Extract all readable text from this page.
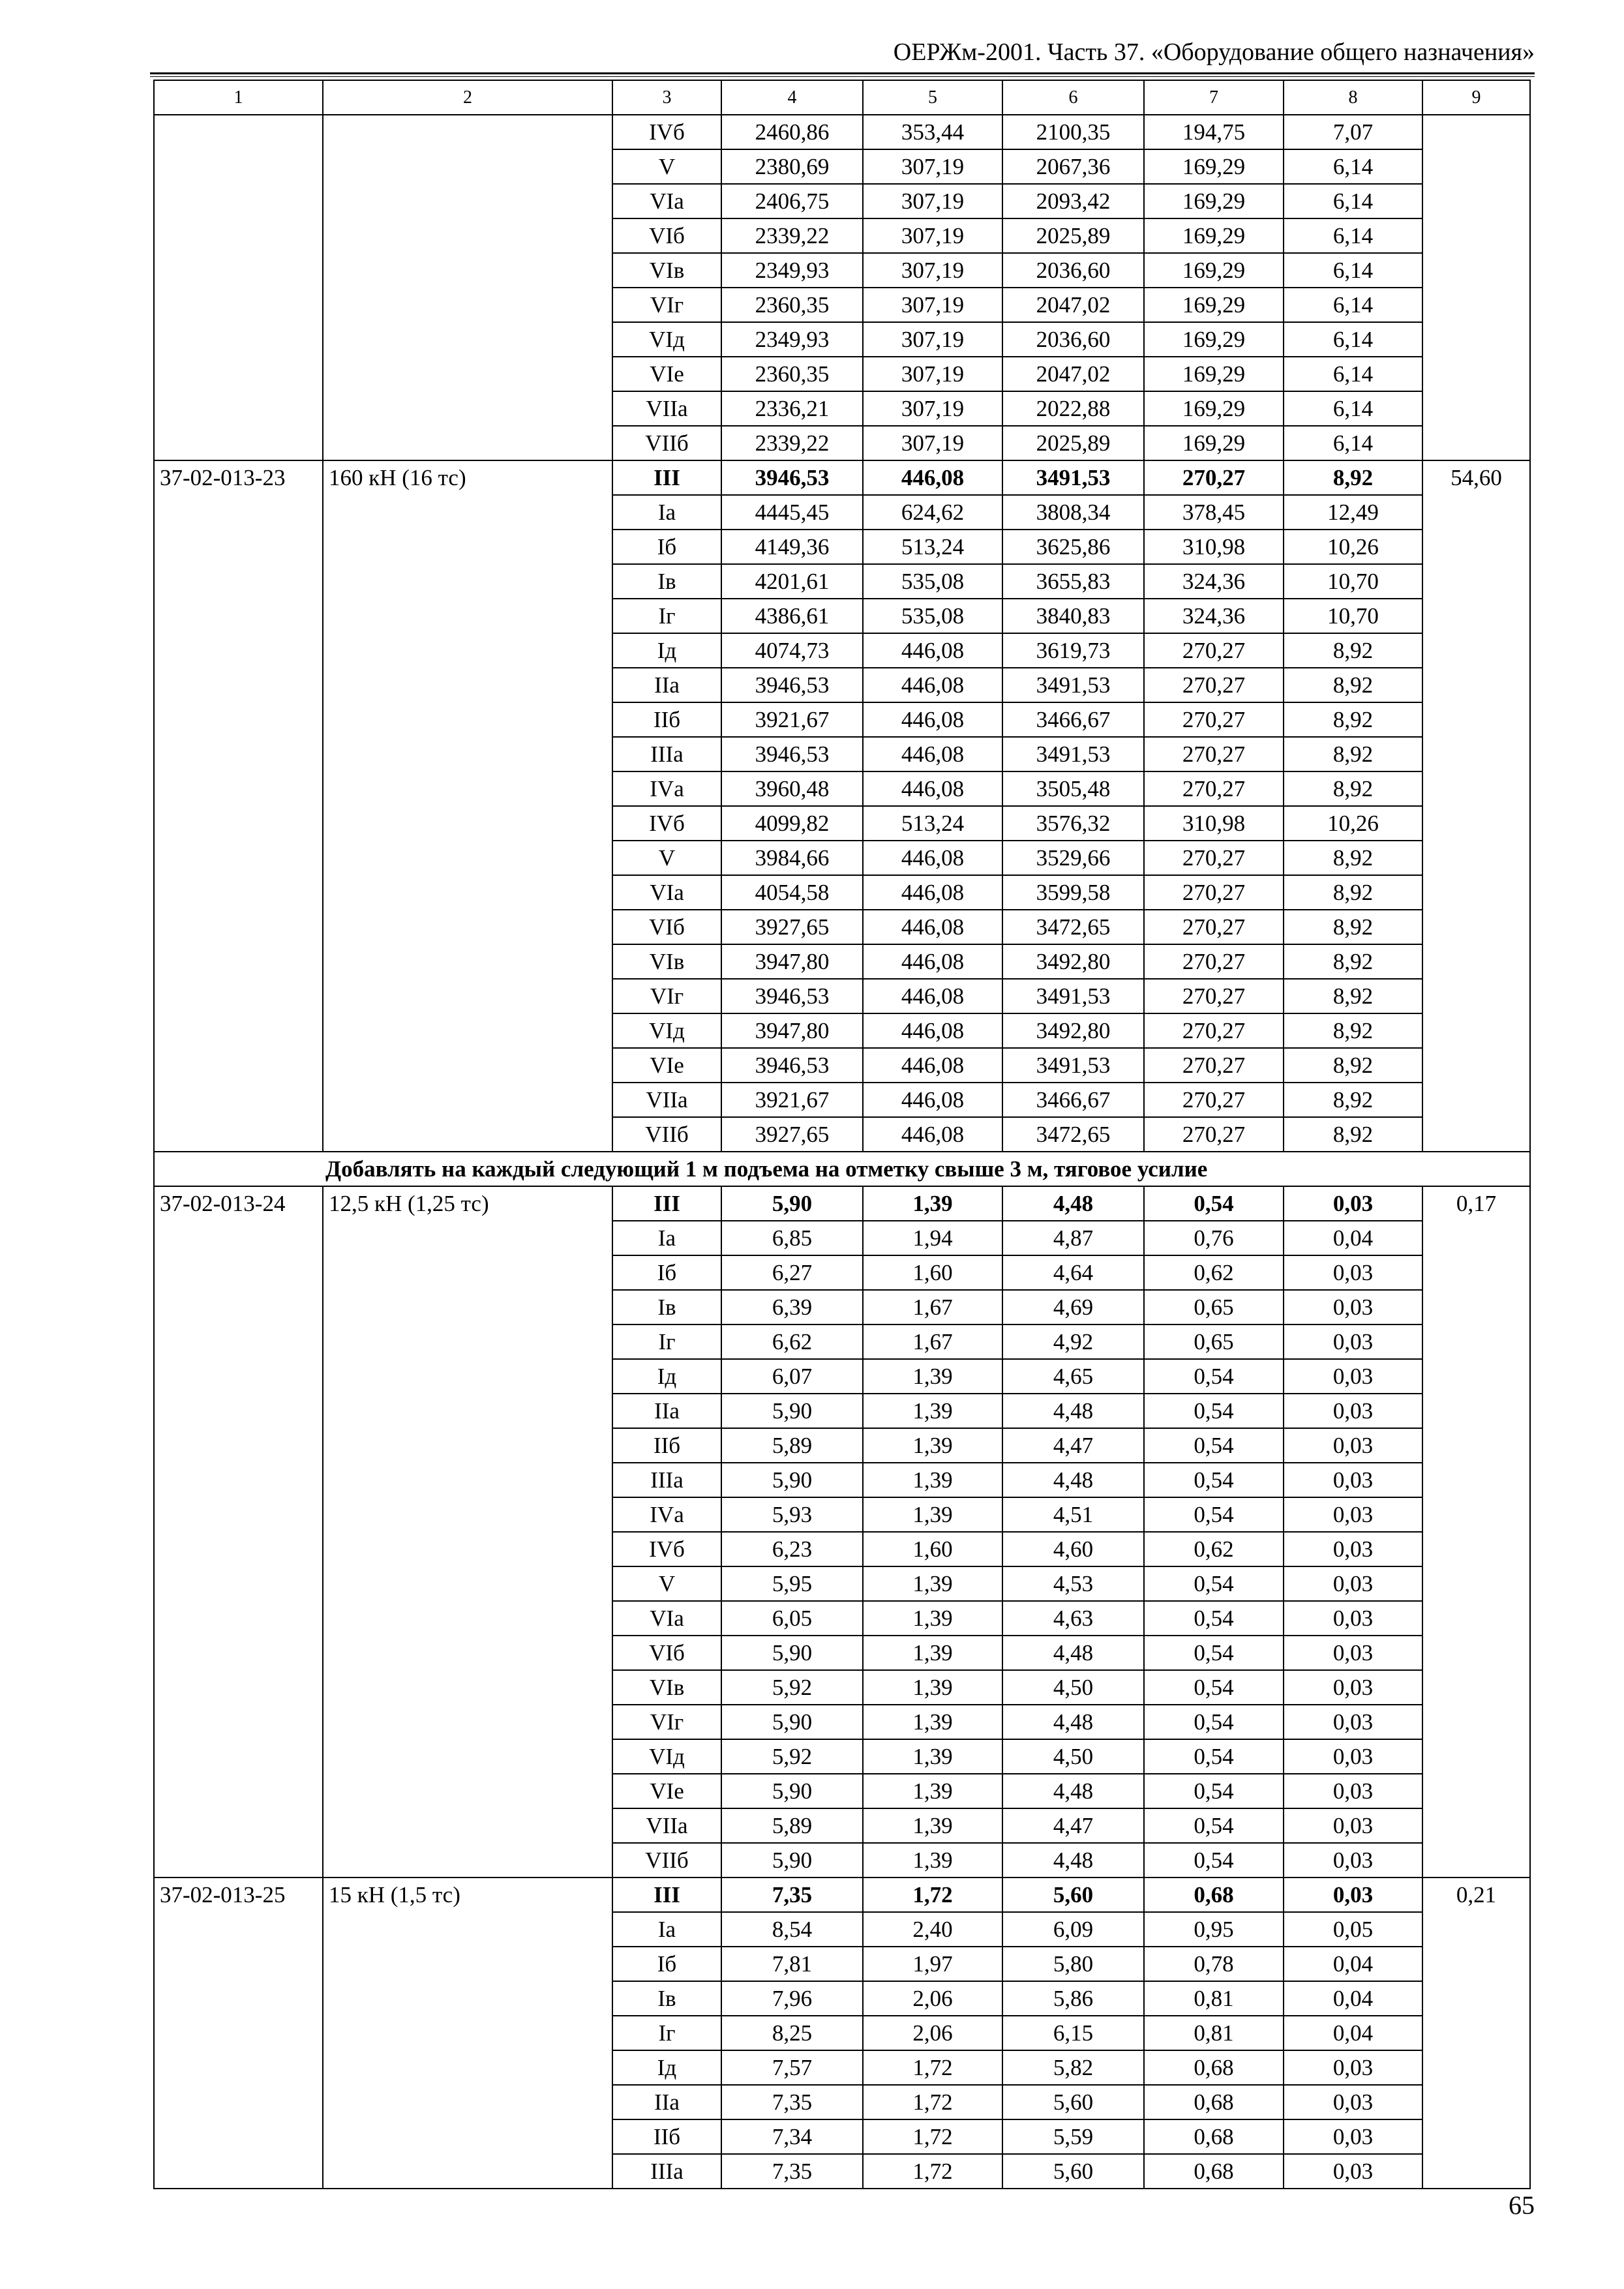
ОЕРЖм-2001. Часть 37. «Оборудование общего назначения»
1	2	3	4	5	6	7	8	9
		IVб	2460,86	353,44	2100,35	194,75	7,07	
		V	2380,69	307,19	2067,36	169,29	6,14	
		VIа	2406,75	307,19	2093,42	169,29	6,14	
		VIб	2339,22	307,19	2025,89	169,29	6,14	
		VIв	2349,93	307,19	2036,60	169,29	6,14	
		VIг	2360,35	307,19	2047,02	169,29	6,14	
		VIд	2349,93	307,19	2036,60	169,29	6,14	
		VIе	2360,35	307,19	2047,02	169,29	6,14	
		VIIа	2336,21	307,19	2022,88	169,29	6,14	
		VIIб	2339,22	307,19	2025,89	169,29	6,14	
37-02-013-23	160 кН (16 тс)	III	3946,53	446,08	3491,53	270,27	8,92	54,60
		Iа	4445,45	624,62	3808,34	378,45	12,49	
		Iб	4149,36	513,24	3625,86	310,98	10,26	
		Iв	4201,61	535,08	3655,83	324,36	10,70	
		Iг	4386,61	535,08	3840,83	324,36	10,70	
		Iд	4074,73	446,08	3619,73	270,27	8,92	
		IIа	3946,53	446,08	3491,53	270,27	8,92	
		IIб	3921,67	446,08	3466,67	270,27	8,92	
		IIIа	3946,53	446,08	3491,53	270,27	8,92	
		IVа	3960,48	446,08	3505,48	270,27	8,92	
		IVб	4099,82	513,24	3576,32	310,98	10,26	
		V	3984,66	446,08	3529,66	270,27	8,92	
		VIа	4054,58	446,08	3599,58	270,27	8,92	
		VIб	3927,65	446,08	3472,65	270,27	8,92	
		VIв	3947,80	446,08	3492,80	270,27	8,92	
		VIг	3946,53	446,08	3491,53	270,27	8,92	
		VIд	3947,80	446,08	3492,80	270,27	8,92	
		VIе	3946,53	446,08	3491,53	270,27	8,92	
		VIIа	3921,67	446,08	3466,67	270,27	8,92	
		VIIб	3927,65	446,08	3472,65	270,27	8,92	
Добавлять на каждый следующий 1 м подъема на отметку свыше 3 м, тяговое усилие								
37-02-013-24	12,5 кН (1,25 тс)	III	5,90	1,39	4,48	0,54	0,03	0,17
		Iа	6,85	1,94	4,87	0,76	0,04	
		Iб	6,27	1,60	4,64	0,62	0,03	
		Iв	6,39	1,67	4,69	0,65	0,03	
		Iг	6,62	1,67	4,92	0,65	0,03	
		Iд	6,07	1,39	4,65	0,54	0,03	
		IIа	5,90	1,39	4,48	0,54	0,03	
		IIб	5,89	1,39	4,47	0,54	0,03	
		IIIа	5,90	1,39	4,48	0,54	0,03	
		IVа	5,93	1,39	4,51	0,54	0,03	
		IVб	6,23	1,60	4,60	0,62	0,03	
		V	5,95	1,39	4,53	0,54	0,03	
		VIа	6,05	1,39	4,63	0,54	0,03	
		VIб	5,90	1,39	4,48	0,54	0,03	
		VIв	5,92	1,39	4,50	0,54	0,03	
		VIг	5,90	1,39	4,48	0,54	0,03	
		VIд	5,92	1,39	4,50	0,54	0,03	
		VIе	5,90	1,39	4,48	0,54	0,03	
		VIIа	5,89	1,39	4,47	0,54	0,03	
		VIIб	5,90	1,39	4,48	0,54	0,03	
37-02-013-25	15 кН (1,5 тс)	III	7,35	1,72	5,60	0,68	0,03	0,21
		Iа	8,54	2,40	6,09	0,95	0,05	
		Iб	7,81	1,97	5,80	0,78	0,04	
		Iв	7,96	2,06	5,86	0,81	0,04	
		Iг	8,25	2,06	6,15	0,81	0,04	
		Iд	7,57	1,72	5,82	0,68	0,03	
		IIа	7,35	1,72	5,60	0,68	0,03	
		IIб	7,34	1,72	5,59	0,68	0,03	
		IIIа	7,35	1,72	5,60	0,68	0,03	
65
